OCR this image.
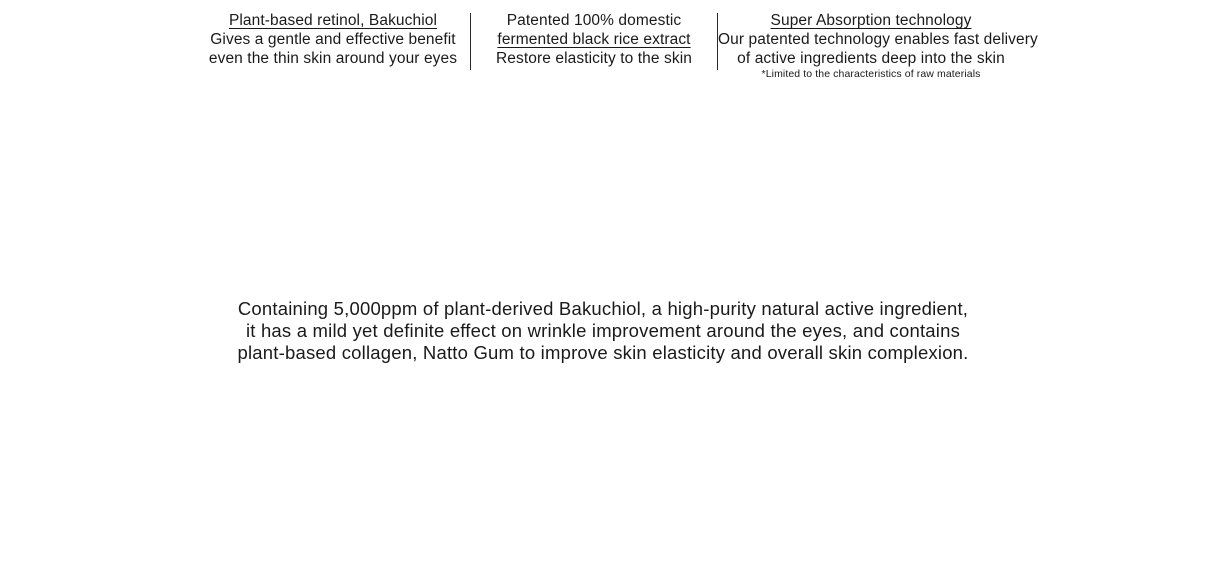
Plant-based retinol, Bakuchiol

Gives a gentle and effective benefit

even the thin skin around your eyes

Patented 100% domestic

fermented black rice extract

Restore elasticity to the skin

Super Absorption technology

Our patented technology enables fast delivery

of active ingredients deep into the skin

*Limited to the characteristics of raw materials

Containing 5,000ppm of plant-derived Bakuchiol, a high-purity natural active ingredient,

it has a mild yet definite effect on wrinkle improvement around the eyes, and contains

plant-based collagen, Natto Gum to improve skin elasticity and overall skin complexion.
